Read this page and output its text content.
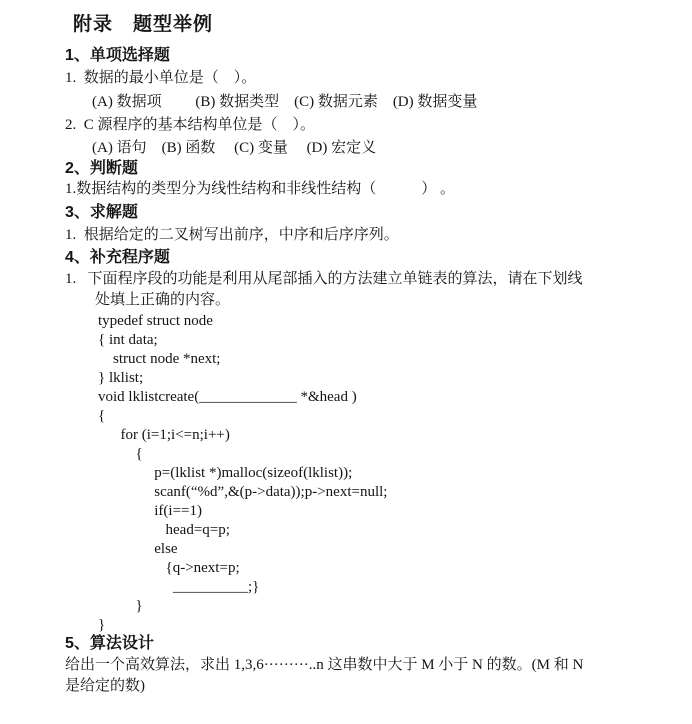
附录　题型举例
1、单项选择题
1.  数据的最小单位是（　）。
(A) 数据项         (B) 数据类型    (C) 数据元素    (D) 数据变量
2.  C 源程序的基本结构单位是（　）。
(A) 语句    (B) 函数     (C) 变量     (D) 宏定义
2、判断题
1.数据结构的类型分为线性结构和非线性结构（　　　） 。
3、求解题
1.  根据给定的二叉树写出前序，中序和后序序列。
4、补充程序题
1.   下面程序段的功能是利用从尾部插入的方法建立单链表的算法，请在下划线
处填上正确的内容。
typedef struct node
{ int data;
struct node *next;
} lklist;
void lklistcreate(_____________ *&head )
{
for (i=1;i<=n;i++)
{
p=(lklist *)malloc(sizeof(lklist));
scanf(“%d”,&(p->data));p->next=null;
if(i==1)
head=q=p;
else
{q->next=p;
__________;}
}
}
5、算法设计
给出一个高效算法，求出 1,3,6·········..n 这串数中大于 M 小于 N 的数。(M 和 N
是给定的数)
